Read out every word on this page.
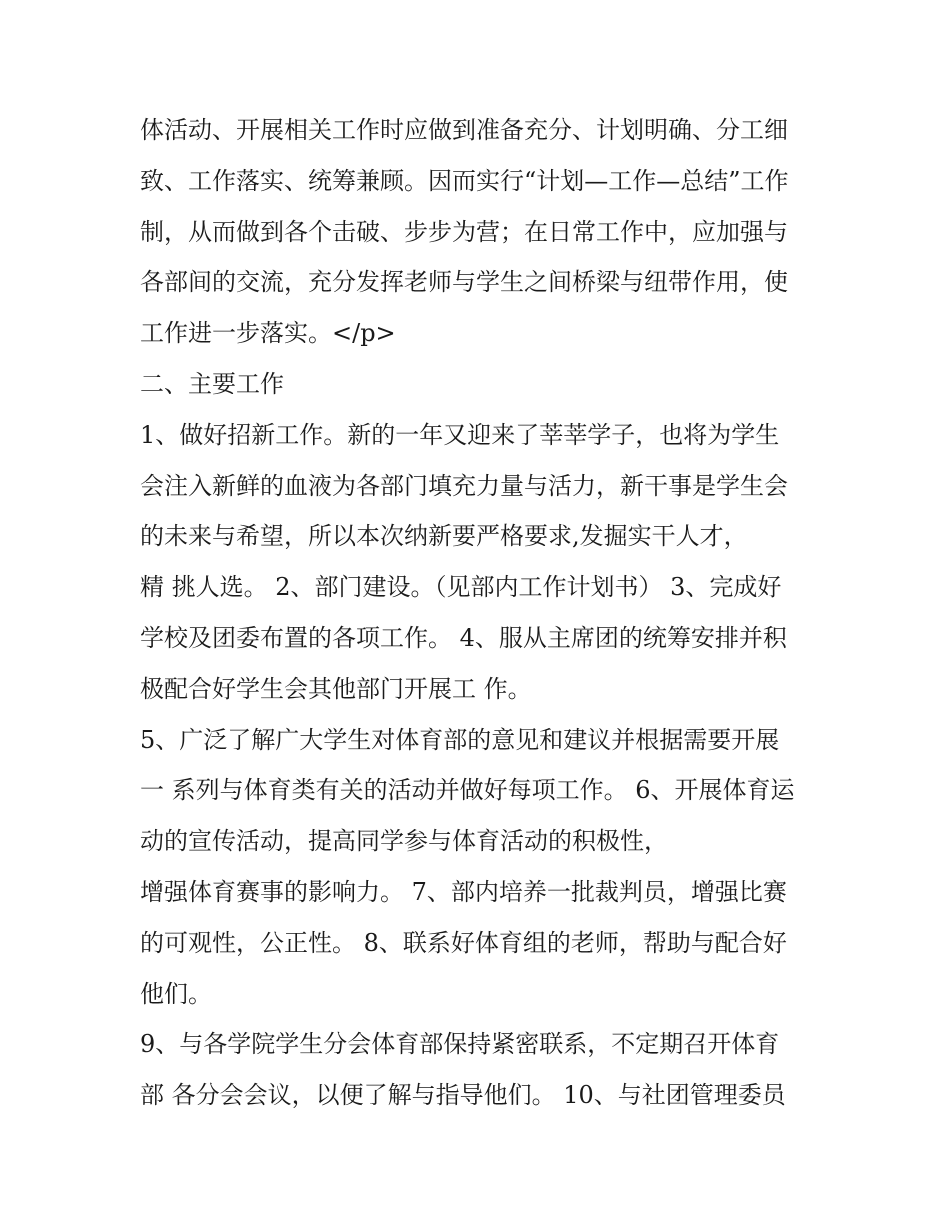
体活动、开展相关工作时应做到准备充分、计划明确、分工细
致、工作落实、统筹兼顾。因而实行“计划—工作—总结”工作
制，从而做到各个击破、步步为营；在日常工作中，应加强与
各部间的交流，充分发挥老师与学生之间桥梁与纽带作用，使
工作进一步落实。</p>
二、主要工作
1、做好招新工作。新的一年又迎来了莘莘学子，也将为学生
会注入新鲜的血液为各部门填充力量与活力，新干事是学生会
的未来与希望，所以本次纳新要严格要求,发掘实干人才，
精 挑人选。 2、部门建设。（见部内工作计划书） 3、完成好
学校及团委布置的各项工作。 4、服从主席团的统筹安排并积
极配合好学生会其他部门开展工 作。
5、广泛了解广大学生对体育部的意见和建议并根据需要开展
一 系列与体育类有关的活动并做好每项工作。 6、开展体育运
动的宣传活动，提高同学参与体育活动的积极性，
增强体育赛事的影响力。 7、部内培养一批裁判员，增强比赛
的可观性，公正性。 8、联系好体育组的老师，帮助与配合好
他们。
9、与各学院学生分会体育部保持紧密联系，不定期召开体育
部 各分会会议，以便了解与指导他们。 10、与社团管理委员
